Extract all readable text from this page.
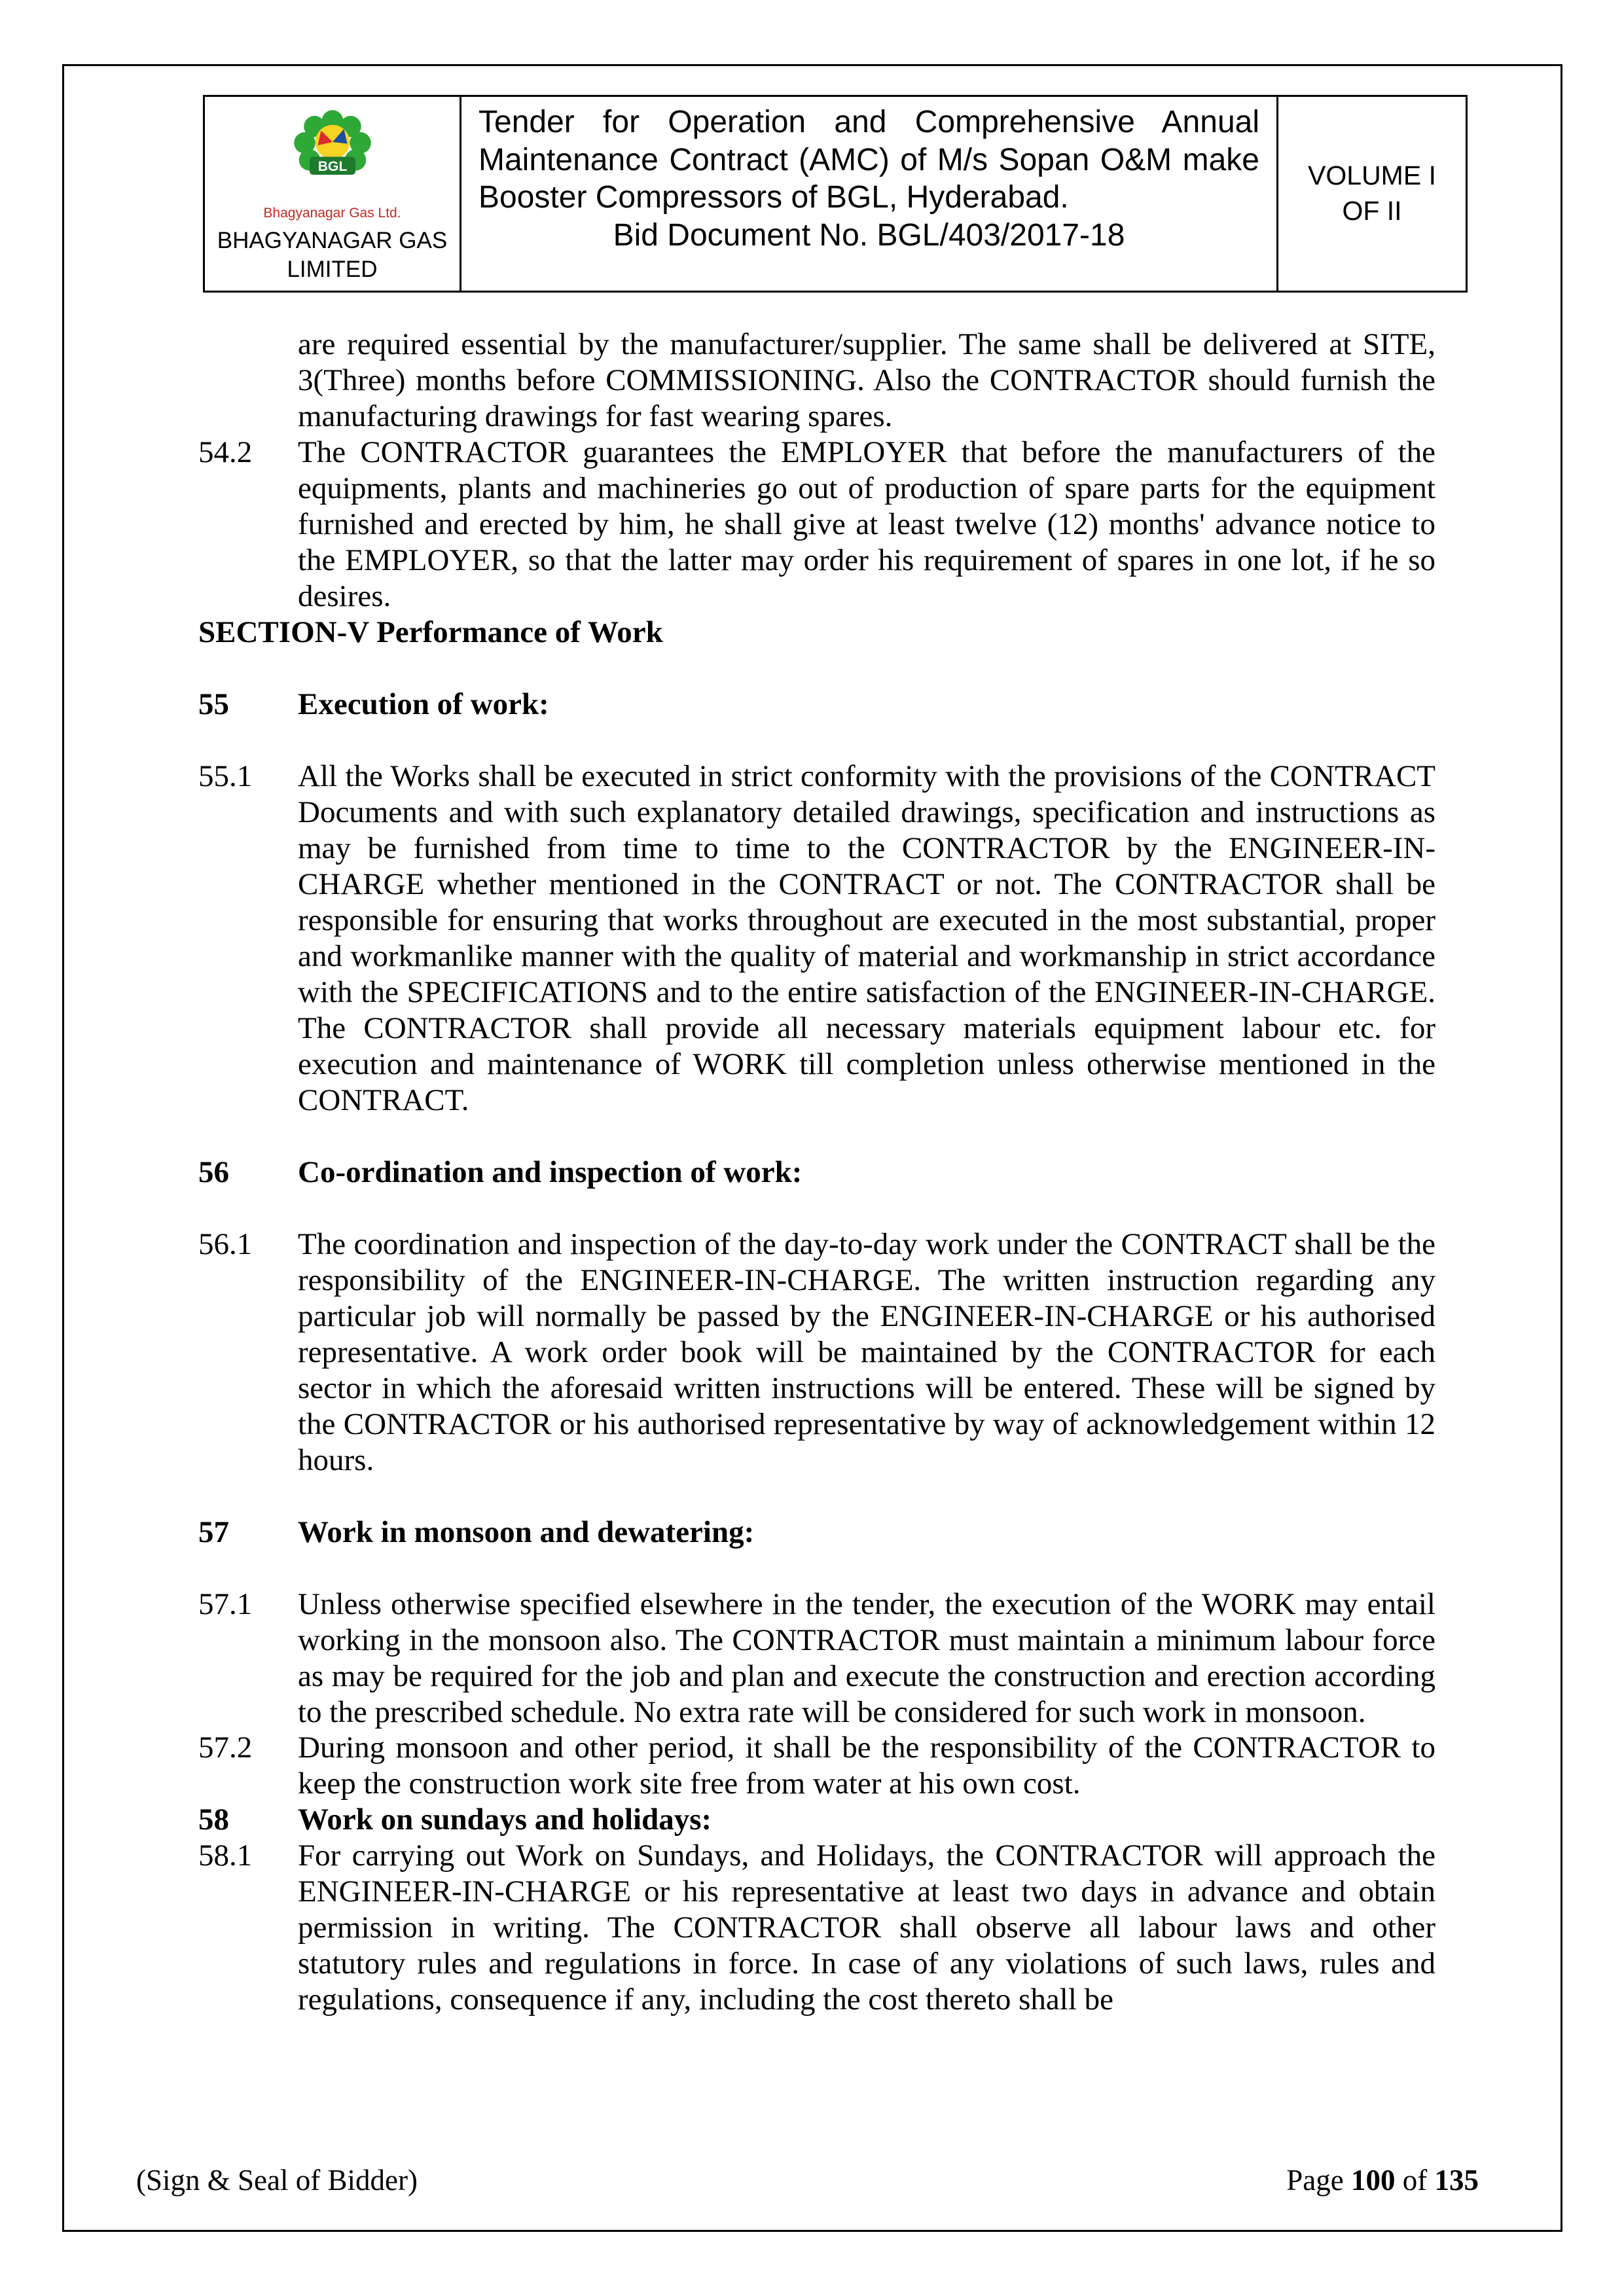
BGL
Bhagyanagar Gas Ltd.
BHAGYANAGAR GAS
LIMITED
Tender for Operation and Comprehensive Annual Maintenance Contract (AMC) of M/s Sopan O&M make Booster Compressors of BGL, Hyderabad.
Bid Document No. BGL/403/2017-18
VOLUME I
OF II
are required essential by the manufacturer/supplier. The same shall be delivered at SITE, 3(Three) months before COMMISSIONING. Also the CONTRACTOR should furnish the manufacturing drawings for fast wearing spares.
54.2	The CONTRACTOR guarantees the EMPLOYER that before the manufacturers of the equipments, plants and machineries go out of production of spare parts for the equipment furnished and erected by him, he shall give at least twelve (12) months' advance notice to the EMPLOYER, so that the latter may order his requirement of spares in one lot, if he so desires.
SECTION-V Performance of Work
55	Execution of work:
55.1	All the Works shall be executed in strict conformity with the provisions of the CONTRACT Documents and with such explanatory detailed drawings, specification and instructions as may be furnished from time to time to the CONTRACTOR by the ENGINEER-IN-CHARGE whether mentioned in the CONTRACT or not. The CONTRACTOR shall be responsible for ensuring that works throughout are executed in the most substantial, proper and workmanlike manner with the quality of material and workmanship in strict accordance with the SPECIFICATIONS and to the entire satisfaction of the ENGINEER-IN-CHARGE. The CONTRACTOR shall provide all necessary materials equipment labour etc. for execution and maintenance of WORK till completion unless otherwise mentioned in the CONTRACT.
56	Co-ordination and inspection of work:
56.1	The coordination and inspection of the day-to-day work under the CONTRACT shall be the responsibility of the ENGINEER-IN-CHARGE. The written instruction regarding any particular job will normally be passed by the ENGINEER-IN-CHARGE or his authorised representative. A work order book will be maintained by the CONTRACTOR for each sector in which the aforesaid written instructions will be entered. These will be signed by the CONTRACTOR or his authorised representative by way of acknowledgement within 12 hours.
57	Work in monsoon and dewatering:
57.1	Unless otherwise specified elsewhere in the tender, the execution of the WORK may entail working in the monsoon also. The CONTRACTOR must maintain a minimum labour force as may be required for the job and plan and execute the construction and erection according to the prescribed schedule. No extra rate will be considered for such work in monsoon.
57.2	During monsoon and other period, it shall be the responsibility of the CONTRACTOR to keep the construction work site free from water at his own cost.
58	Work on sundays and holidays:
58.1	For carrying out Work on Sundays, and Holidays, the CONTRACTOR will approach the ENGINEER-IN-CHARGE or his representative at least two days in advance and obtain permission in writing. The CONTRACTOR shall observe all labour laws and other statutory rules and regulations in force. In case of any violations of such laws, rules and regulations, consequence if any, including the cost thereto shall be
(Sign & Seal of Bidder)	Page 100 of 135
